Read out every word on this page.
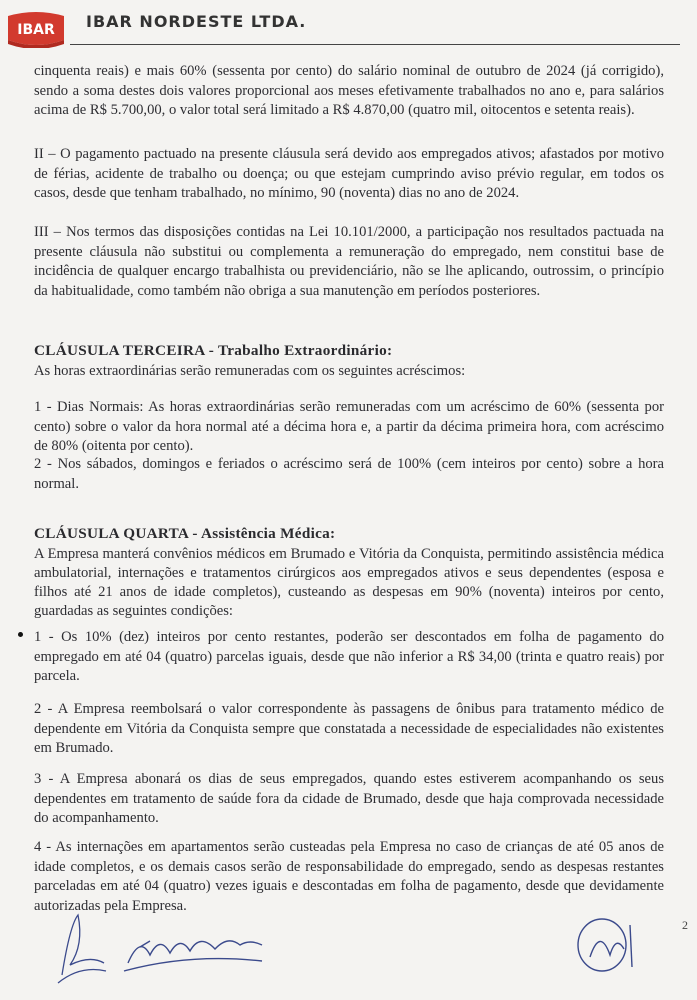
IBAR IBAR NORDESTE LTDA.
cinquenta reais) e mais 60% (sessenta por cento) do salário nominal de outubro de 2024 (já corrigido), sendo a soma destes dois valores proporcional aos meses efetivamente trabalhados no ano e, para salários acima de R$ 5.700,00, o valor total será limitado a R$ 4.870,00 (quatro mil, oitocentos e setenta reais).
II – O pagamento pactuado na presente cláusula será devido aos empregados ativos; afastados por motivo de férias, acidente de trabalho ou doença; ou que estejam cumprindo aviso prévio regular, em todos os casos, desde que tenham trabalhado, no mínimo, 90 (noventa) dias no ano de 2024.
III – Nos termos das disposições contidas na Lei 10.101/2000, a participação nos resultados pactuada na presente cláusula não substitui ou complementa a remuneração do empregado, nem constitui base de incidência de qualquer encargo trabalhista ou previdenciário, não se lhe aplicando, outrossim, o princípio da habitualidade, como também não obriga a sua manutenção em períodos posteriores.
CLÁUSULA TERCEIRA - Trabalho Extraordinário:
As horas extraordinárias serão remuneradas com os seguintes acréscimos:
1 - Dias Normais: As horas extraordinárias serão remuneradas com um acréscimo de 60% (sessenta por cento) sobre o valor da hora normal até a décima hora e, a partir da décima primeira hora, com acréscimo de 80% (oitenta por cento).
2 - Nos sábados, domingos e feriados o acréscimo será de 100% (cem inteiros por cento) sobre a hora normal.
CLÁUSULA QUARTA - Assistência Médica:
A Empresa manterá convênios médicos em Brumado e Vitória da Conquista, permitindo assistência médica ambulatorial, internações e tratamentos cirúrgicos aos empregados ativos e seus dependentes (esposa e filhos até 21 anos de idade completos), custeando as despesas em 90% (noventa) inteiros por cento, guardadas as seguintes condições:
1 - Os 10% (dez) inteiros por cento restantes, poderão ser descontados em folha de pagamento do empregado em até 04 (quatro) parcelas iguais, desde que não inferior a R$ 34,00 (trinta e quatro reais) por parcela.
2 - A Empresa reembolsará o valor correspondente às passagens de ônibus para tratamento médico de dependente em Vitória da Conquista sempre que constatada a necessidade de especialidades não existentes em Brumado.
3 - A Empresa abonará os dias de seus empregados, quando estes estiverem acompanhando os seus dependentes em tratamento de saúde fora da cidade de Brumado, desde que haja comprovada necessidade do acompanhamento.
4 - As internações em apartamentos serão custeadas pela Empresa no caso de crianças de até 05 anos de idade completos, e os demais casos serão de responsabilidade do empregado, sendo as despesas restantes parceladas em até 04 (quatro) vezes iguais e descontadas em folha de pagamento, desde que devidamente autorizadas pela Empresa.
2
